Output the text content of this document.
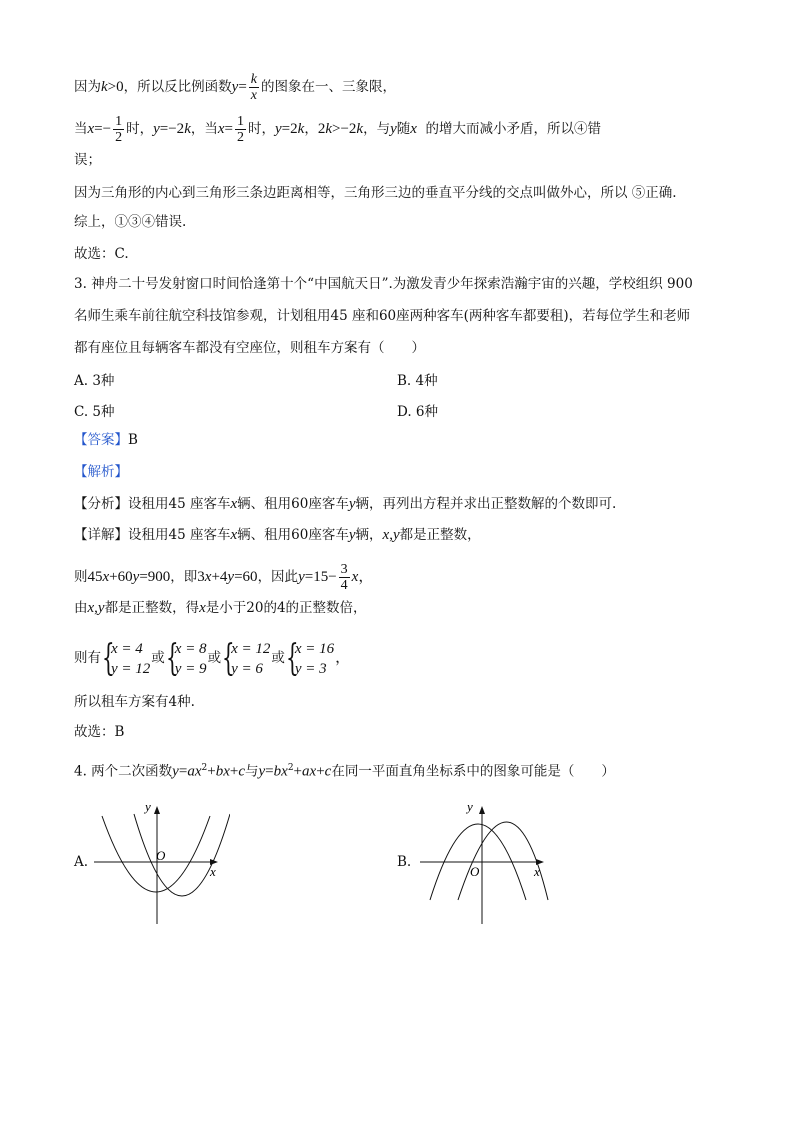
因为k>0，所以反比例函数$y= \frac{k}{x}$ 的图象在一、三象限，
当$x=- \frac{1}{2}$ 时，y=−2k，当$x= \frac{1}{2}$ 时，y=2k，2k>−2k，与y随x 的增大而减小矛盾，所以④错
误；
因为三角形的内心到三角形三条边距离相等，三角形三边的垂直平分线的交点叫做外心，所以 ⑤正确.
综上，①③④错误.
故选：C.
3. 神舟二十号发射窗口时间恰逢第十个“中国航天日”.为激发青少年探索浩瀚宇宙的兴趣，学校组织 900
名师生乘车前往航空科技馆参观，计划租用45 座和60座两种客车(两种客车都要租)，若每位学生和老师
都有座位且每辆客车都没有空座位，则租车方案有（　　）
A. 3种	B. 4种
C. 5种	D. 6种
【答案】B
【解析】
【分析】设租用45 座客车x辆、租用60座客车y辆，再列出方程并求出正整数解的个数即可.
【详解】设租用45 座客车x辆、租用60座客车y辆，x,y都是正整数，
则45x+60y=900，即3x+4y=60，因此$y=15- \frac{3}{4}$ x，
由x,y都是正整数，得x是小于20的4的正整数倍，
则有 {
x = 4
y = 12
或 {
x = 8
y = 9
或 {
x = 12
y = 6
或 {
x = 16
y = 3
，
所以租车方案有4种.
故选：B
4. 两个二次函数$y=ax^2+bx+c$与$y=bx^2+ax+c$在同一平面直角坐标系中的图象可能是（　　）
A.
y
x
O	B.
y
x
O
